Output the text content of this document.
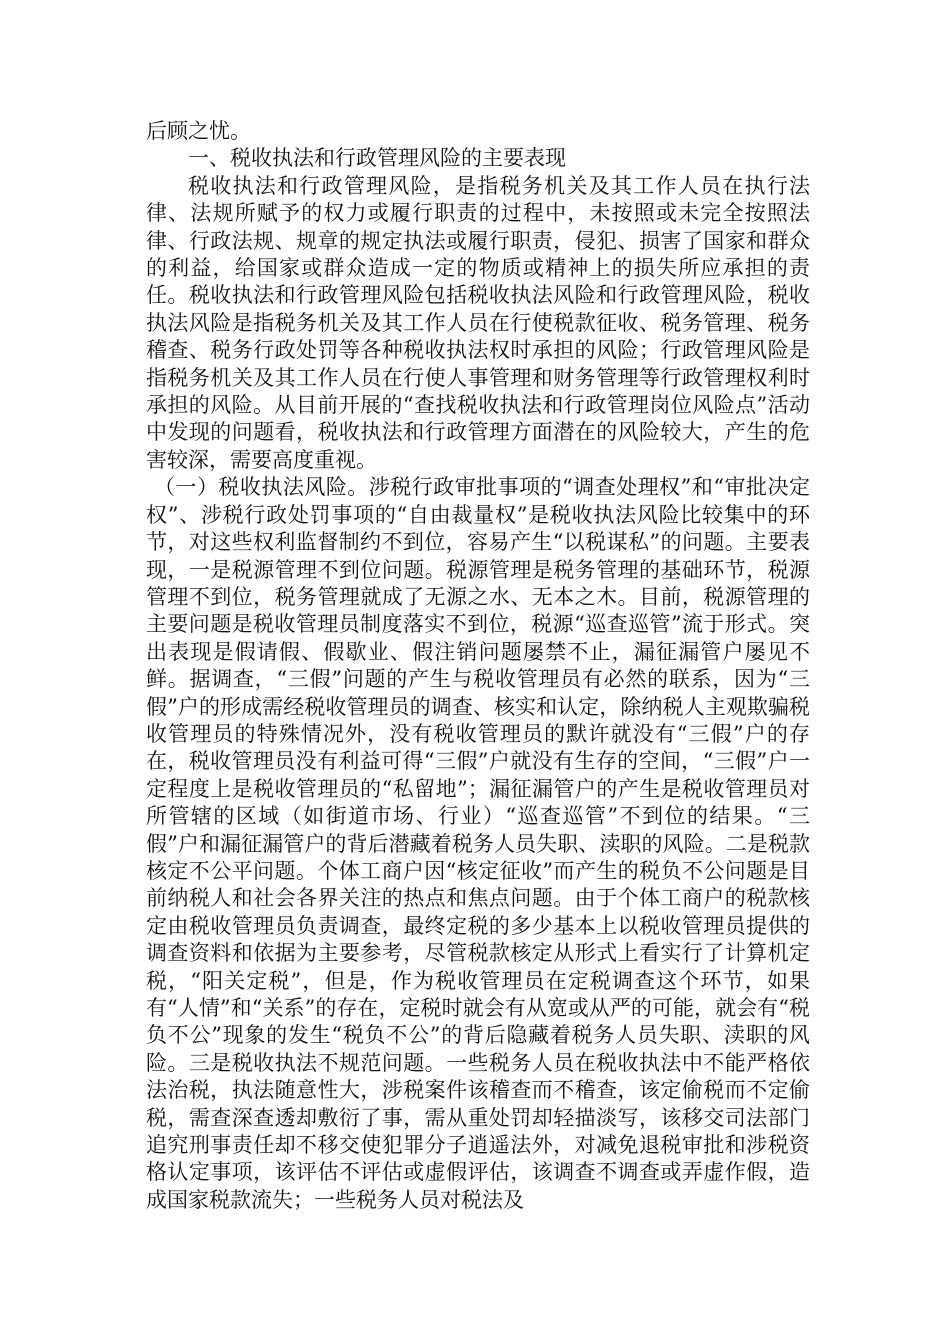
后顾之忧。

一、税收执法和行政管理风险的主要表现

税收执法和行政管理风险，是指税务机关及其工作人员在执行法律、法规所赋予的权力或履行职责的过程中，未按照或未完全按照法律、行政法规、规章的规定执法或履行职责，侵犯、损害了国家和群众的利益，给国家或群众造成一定的物质或精神上的损失所应承担的责任。税收执法和行政管理风险包括税收执法风险和行政管理风险，税收执法风险是指税务机关及其工作人员在行使税款征收、税务管理、税务稽查、税务行政处罚等各种税收执法权时承担的风险；行政管理风险是指税务机关及其工作人员在行使人事管理和财务管理等行政管理权利时承担的风险。从目前开展的“查找税收执法和行政管理岗位风险点”活动中发现的问题看，税收执法和行政管理方面潜在的风险较大，产生的危害较深，需要高度重视。

（一）税收执法风险。涉税行政审批事项的“调查处理权”和“审批决定权”、涉税行政处罚事项的“自由裁量权”是税收执法风险比较集中的环节，对这些权利监督制约不到位，容易产生“以税谋私”的问题。主要表现，一是税源管理不到位问题。税源管理是税务管理的基础环节，税源管理不到位，税务管理就成了无源之水、无本之木。目前，税源管理的主要问题是税收管理员制度落实不到位，税源“巡查巡管”流于形式。突出表现是假请假、假歇业、假注销问题屡禁不止，漏征漏管户屡见不鲜。据调查，“三假”问题的产生与税收管理员有必然的联系，因为“三假”户的形成需经税收管理员的调查、核实和认定，除纳税人主观欺骗税收管理员的特殊情况外，没有税收管理员的默许就没有“三假”户的存在，税收管理员没有利益可得“三假”户就没有生存的空间，“三假”户一定程度上是税收管理员的“私留地”；漏征漏管户的产生是税收管理员对所管辖的区域（如街道市场、行业）“巡查巡管”不到位的结果。“三假”户和漏征漏管户的背后潜藏着税务人员失职、渎职的风险。二是税款核定不公平问题。个体工商户因“核定征收”而产生的税负不公问题是目前纳税人和社会各界关注的热点和焦点问题。由于个体工商户的税款核定由税收管理员负责调查，最终定税的多少基本上以税收管理员提供的调查资料和依据为主要参考，尽管税款核定从形式上看实行了计算机定税，“阳关定税”，但是，作为税收管理员在定税调查这个环节，如果有“人情”和“关系”的存在，定税时就会有从宽或从严的可能，就会有“税负不公”现象的发生“税负不公”的背后隐藏着税务人员失职、渎职的风险。三是税收执法不规范问题。一些税务人员在税收执法中不能严格依法治税，执法随意性大，涉税案件该稽查而不稽查，该定偷税而不定偷税，需查深查透却敷衍了事，需从重处罚却轻描淡写，该移交司法部门追究刑事责任却不移交使犯罪分子逍遥法外，对减免退税审批和涉税资格认定事项，该评估不评估或虚假评估，该调查不调查或弄虚作假，造成国家税款流失；一些税务人员对税法及
